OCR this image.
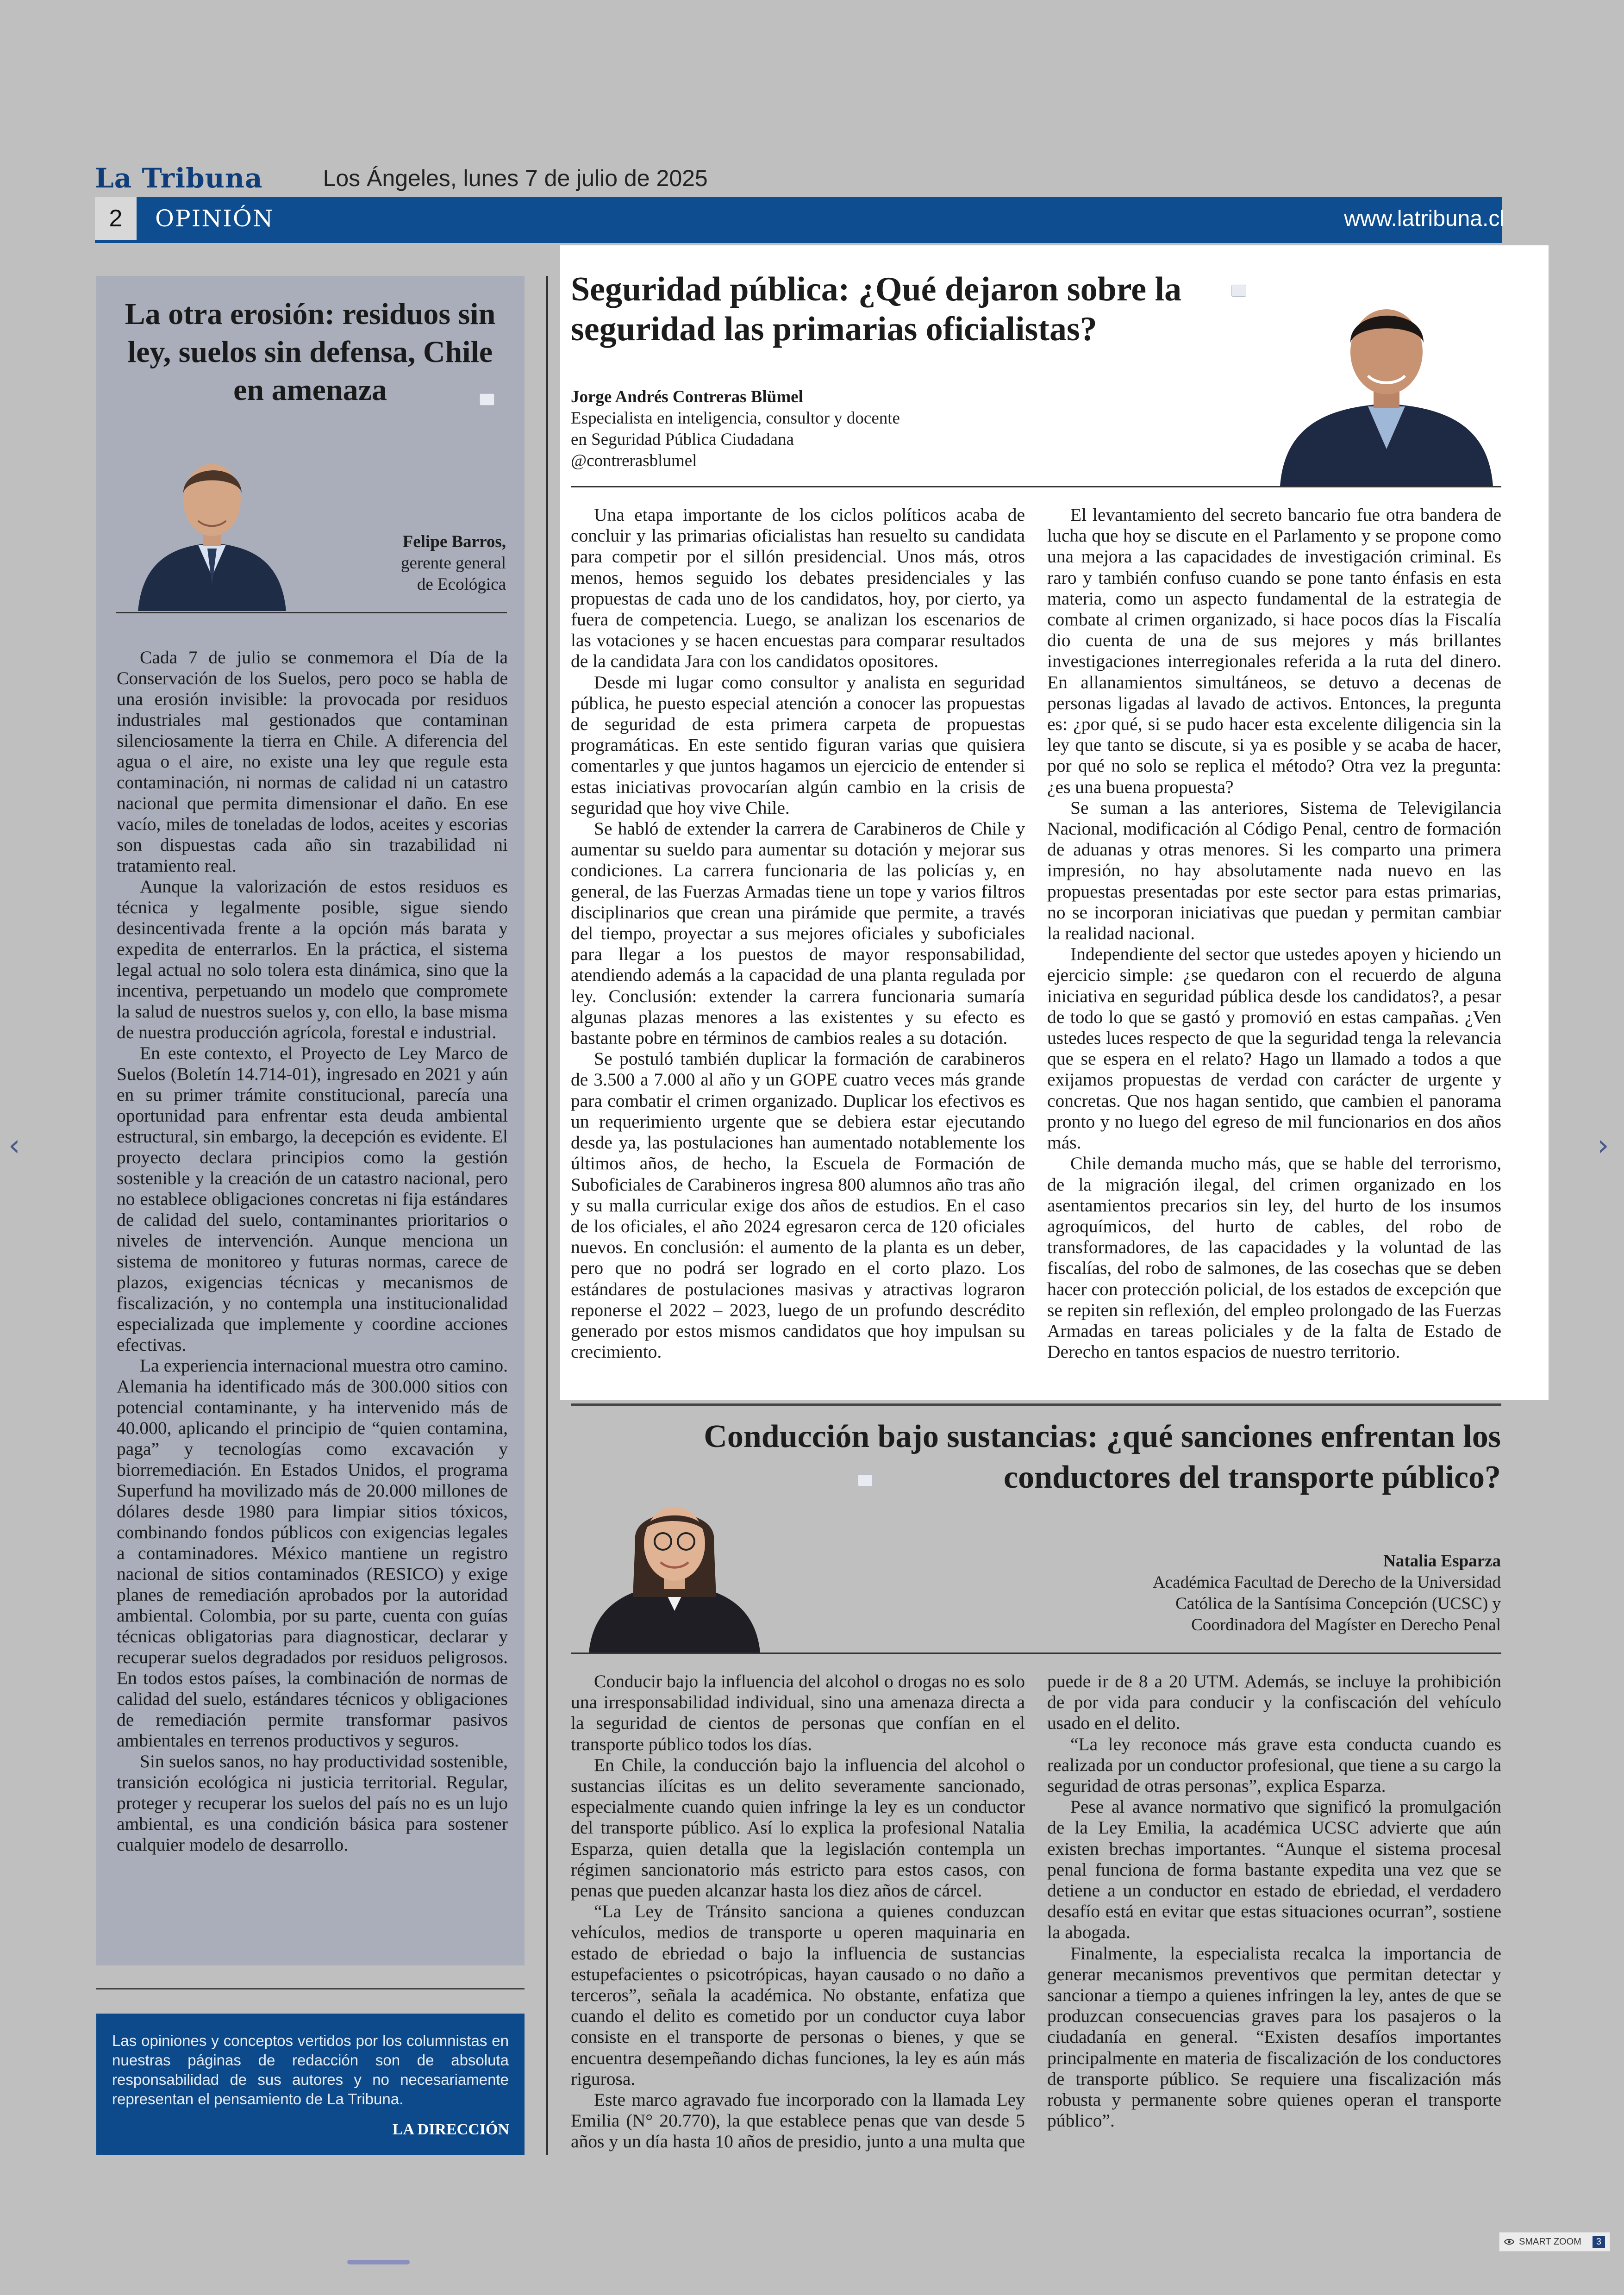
La Tribuna	Los Ángeles, lunes 7 de julio de 2025
2	OPINIÓN	www.latribuna.cl
La otra erosión: residuos sin ley, suelos sin defensa, Chile en amenaza
Felipe Barros,
gerente general
de Ecológica

Cada 7 de julio se conmemora el Día de la Conservación de los Suelos, pero poco se habla de una erosión invisible: la provocada por residuos industriales mal gestionados que contaminan silenciosamente la tierra en Chile. A diferencia del agua o el aire, no existe una ley que regule esta contaminación, ni normas de calidad ni un catastro nacional que permita dimensionar el daño. En ese vacío, miles de toneladas de lodos, aceites y escorias son dispuestas cada año sin trazabilidad ni tratamiento real.

Aunque la valorización de estos residuos es técnica y legalmente posible, sigue siendo desincentivada frente a la opción más barata y expedita de enterrarlos. En la práctica, el sistema legal actual no solo tolera esta dinámica, sino que la incentiva, perpetuando un modelo que compromete la salud de nuestros suelos y, con ello, la base misma de nuestra producción agrícola, forestal e industrial.

En este contexto, el Proyecto de Ley Marco de Suelos (Boletín 14.714-01), ingresado en 2021 y aún en su primer trámite constitucional, parecía una oportunidad para enfrentar esta deuda ambiental estructural, sin embargo, la decepción es evidente. El proyecto declara principios como la gestión sostenible y la creación de un catastro nacional, pero no establece obligaciones concretas ni fija estándares de calidad del suelo, contaminantes prioritarios o niveles de intervención. Aunque menciona un sistema de monitoreo y futuras normas, carece de plazos, exigencias técnicas y mecanismos de fiscalización, y no contempla una institucionalidad especializada que implemente y coordine acciones efectivas.

La experiencia internacional muestra otro camino. Alemania ha identificado más de 300.000 sitios con potencial contaminante, y ha intervenido más de 40.000, aplicando el principio de “quien contamina, paga” y tecnologías como excavación y biorremediación. En Estados Unidos, el programa Superfund ha movilizado más de 20.000 millones de dólares desde 1980 para limpiar sitios tóxicos, combinando fondos públicos con exigencias legales a contaminadores. México mantiene un registro nacional de sitios contaminados (RESICO) y exige planes de remediación aprobados por la autoridad ambiental. Colombia, por su parte, cuenta con guías técnicas obligatorias para diagnosticar, declarar y recuperar suelos degradados por residuos peligrosos. En todos estos países, la combinación de normas de calidad del suelo, estándares técnicos y obligaciones de remediación permite transformar pasivos ambientales en terrenos productivos y seguros.

Sin suelos sanos, no hay productividad sostenible, transición ecológica ni justicia territorial. Regular, proteger y recuperar los suelos del país no es un lujo ambiental, es una condición básica para sostener cualquier modelo de desarrollo.

Las opiniones y conceptos vertidos por los columnistas en nuestras páginas de redacción son de absoluta responsabilidad de sus autores y no necesariamente representan el pensamiento de La Tribuna.
LA DIRECCIÓN
Seguridad pública: ¿Qué dejaron sobre la seguridad las primarias oficialistas?
Jorge Andrés Contreras Blümel
Especialista en inteligencia, consultor y docente
en Seguridad Pública Ciudadana
@contrerasblumel

Una etapa importante de los ciclos políticos acaba de concluir y las primarias oficialistas han resuelto su candidata para competir por el sillón presidencial. Unos más, otros menos, hemos seguido los debates presidenciales y las propuestas de cada uno de los candidatos, hoy, por cierto, ya fuera de competencia. Luego, se analizan los escenarios de las votaciones y se hacen encuestas para comparar resultados de la candidata Jara con los candidatos opositores.

Desde mi lugar como consultor y analista en seguridad pública, he puesto especial atención a conocer las propuestas de seguridad de esta primera carpeta de propuestas programáticas. En este sentido figuran varias que quisiera comentarles y que juntos hagamos un ejercicio de entender si estas iniciativas provocarían algún cambio en la crisis de seguridad que hoy vive Chile.

Se habló de extender la carrera de Carabineros de Chile y aumentar su sueldo para aumentar su dotación y mejorar sus condiciones. La carrera funcionaria de las policías y, en general, de las Fuerzas Armadas tiene un tope y varios filtros disciplinarios que crean una pirámide que permite, a través del tiempo, proyectar a sus mejores oficiales y suboficiales para llegar a los puestos de mayor responsabilidad, atendiendo además a la capacidad de una planta regulada por ley. Conclusión: extender la carrera funcionaria sumaría algunas plazas menores a las existentes y su efecto es bastante pobre en términos de cambios reales a su dotación.

Se postuló también duplicar la formación de carabineros de 3.500 a 7.000 al año y un GOPE cuatro veces más grande para combatir el crimen organizado. Duplicar los efectivos es un requerimiento urgente que se debiera estar ejecutando desde ya, las postulaciones han aumentado notablemente los últimos años, de hecho, la Escuela de Formación de Suboficiales de Carabineros ingresa 800 alumnos año tras año y su malla curricular exige dos años de estudios. En el caso de los oficiales, el año 2024 egresaron cerca de 120 oficiales nuevos. En conclusión: el aumento de la planta es un deber, pero que no podrá ser logrado en el corto plazo. Los estándares de postulaciones masivas y atractivas lograron reponerse el 2022 – 2023, luego de un profundo descrédito generado por estos mismos candidatos que hoy impulsan su crecimiento.

El levantamiento del secreto bancario fue otra bandera de lucha que hoy se discute en el Parlamento y se propone como una mejora a las capacidades de investigación criminal. Es raro y también confuso cuando se pone tanto énfasis en esta materia, como un aspecto fundamental de la estrategia de combate al crimen organizado, si hace pocos días la Fiscalía dio cuenta de una de sus mejores y más brillantes investigaciones interregionales referida a la ruta del dinero. En allanamientos simultáneos, se detuvo a decenas de personas ligadas al lavado de activos. Entonces, la pregunta es: ¿por qué, si se pudo hacer esta excelente diligencia sin la ley que tanto se discute, si ya es posible y se acaba de hacer, por qué no solo se replica el método? Otra vez la pregunta: ¿es una buena propuesta?

Se suman a las anteriores, Sistema de Televigilancia Nacional, modificación al Código Penal, centro de formación de aduanas y otras menores. Si les comparto una primera impresión, no hay absolutamente nada nuevo en las propuestas presentadas por este sector para estas primarias, no se incorporan iniciativas que puedan y permitan cambiar la realidad nacional.

Independiente del sector que ustedes apoyen y hiciendo un ejercicio simple: ¿se quedaron con el recuerdo de alguna iniciativa en seguridad pública desde los candidatos?, a pesar de todo lo que se gastó y promovió en estas campañas. ¿Ven ustedes luces respecto de que la seguridad tenga la relevancia que se espera en el relato? Hago un llamado a todos a que exijamos propuestas de verdad con carácter de urgente y concretas. Que nos hagan sentido, que cambien el panorama pronto y no luego del egreso de mil funcionarios en dos años más.

Chile demanda mucho más, que se hable del terrorismo, de la migración ilegal, del crimen organizado en los asentamientos precarios sin ley, del hurto de los insumos agroquímicos, del hurto de cables, del robo de transformadores, de las capacidades y la voluntad de las fiscalías, del robo de salmones, de las cosechas que se deben hacer con protección policial, de los estados de excepción que se repiten sin reflexión, del empleo prolongado de las Fuerzas Armadas en tareas policiales y de la falta de Estado de Derecho en tantos espacios de nuestro territorio.

Conducción bajo sustancias: ¿qué sanciones enfrentan los conductores del transporte público?
Natalia Esparza
Académica Facultad de Derecho de la Universidad
Católica de la Santísima Concepción (UCSC) y
Coordinadora del Magíster en Derecho Penal

Conducir bajo la influencia del alcohol o drogas no es solo una irresponsabilidad individual, sino una amenaza directa a la seguridad de cientos de personas que confían en el transporte público todos los días.

En Chile, la conducción bajo la influencia del alcohol o sustancias ilícitas es un delito severamente sancionado, especialmente cuando quien infringe la ley es un conductor del transporte público. Así lo explica la profesional Natalia Esparza, quien detalla que la legislación contempla un régimen sancionatorio más estricto para estos casos, con penas que pueden alcanzar hasta los diez años de cárcel.

“La Ley de Tránsito sanciona a quienes conduzcan vehículos, medios de transporte u operen maquinaria en estado de ebriedad o bajo la influencia de sustancias estupefacientes o psicotrópicas, hayan causado o no daño a terceros”, señala la académica. No obstante, enfatiza que cuando el delito es cometido por un conductor cuya labor consiste en el transporte de personas o bienes, y que se encuentra desempeñando dichas funciones, la ley es aún más rigurosa.

Este marco agravado fue incorporado con la llamada Ley Emilia (N° 20.770), la que establece penas que van desde 5 años y un día hasta 10 años de presidio, junto a una multa que puede ir de 8 a 20 UTM. Además, se incluye la prohibición de por vida para conducir y la confiscación del vehículo usado en el delito.

“La ley reconoce más grave esta conducta cuando es realizada por un conductor profesional, que tiene a su cargo la seguridad de otras personas”, explica Esparza.

Pese al avance normativo que significó la promulgación de la Ley Emilia, la académica UCSC advierte que aún existen brechas importantes. “Aunque el sistema procesal penal funciona de forma bastante expedita una vez que se detiene a un conductor en estado de ebriedad, el verdadero desafío está en evitar que estas situaciones ocurran”, sostiene la abogada.

Finalmente, la especialista recalca la importancia de generar mecanismos preventivos que permitan detectar y sancionar a tiempo a quienes infringen la ley, antes de que se produzcan consecuencias graves para los pasajeros o la ciudadanía en general. “Existen desafíos importantes principalmente en materia de fiscalización de los conductores de transporte público. Se requiere una fiscalización más robusta y permanente sobre quienes operan el transporte público”.

‹	›
SMART ZOOM	3
